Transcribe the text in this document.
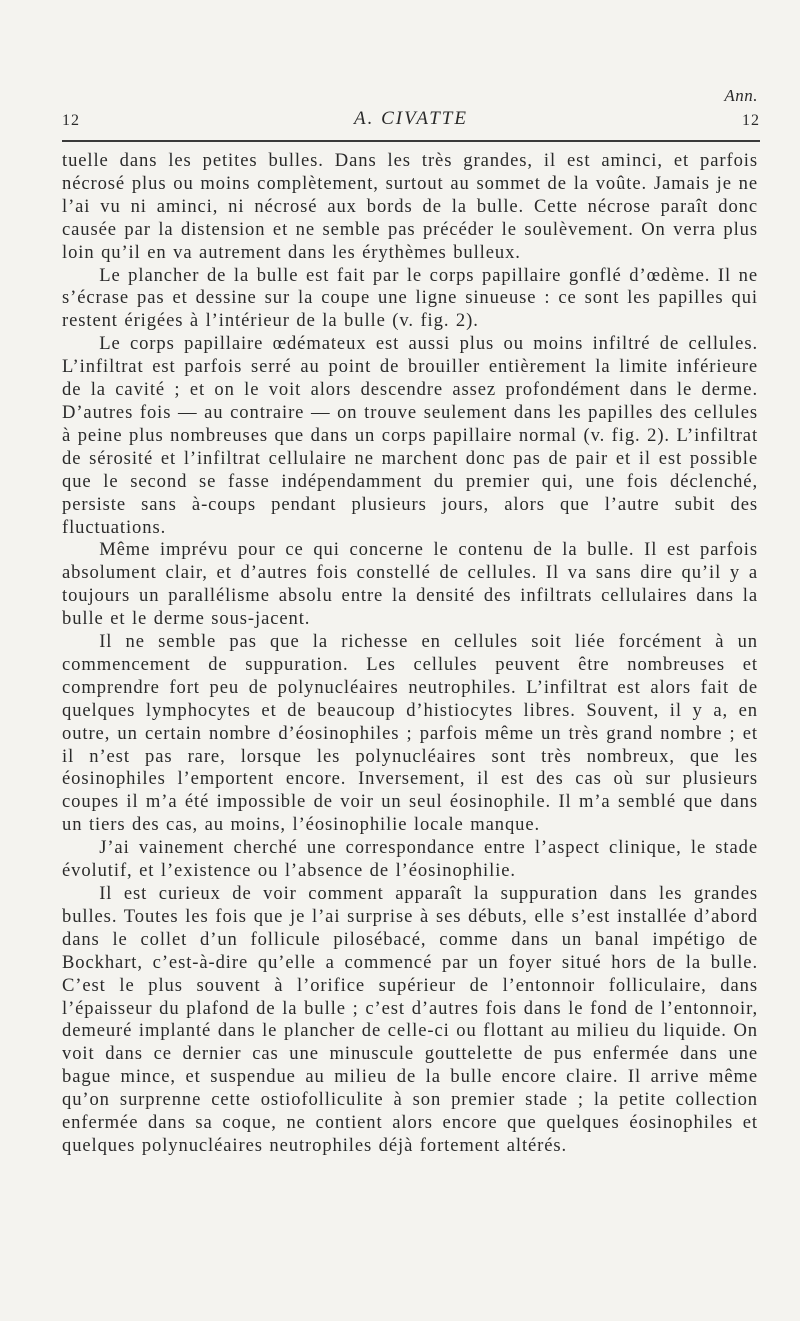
Ann.
12	A. CIVATTE	12

tuelle dans les petites bulles. Dans les très grandes, il est aminci, et parfois nécrosé plus ou moins complètement, surtout au sommet de la voûte. Jamais je ne l’ai vu ni aminci, ni nécrosé aux bords de la bulle. Cette nécrose paraît donc causée par la distension et ne semble pas précéder le soulèvement. On verra plus loin qu’il en va autrement dans les érythèmes bulleux.

Le plancher de la bulle est fait par le corps papillaire gonflé d’œdème. Il ne s’écrase pas et dessine sur la coupe une ligne sinueuse : ce sont les papilles qui restent érigées à l’intérieur de la bulle (v. fig. 2).

Le corps papillaire œdémateux est aussi plus ou moins infiltré de cellules. L’infiltrat est parfois serré au point de brouiller entièrement la limite inférieure de la cavité ; et on le voit alors descendre assez profondément dans le derme. D’autres fois — au contraire — on trouve seulement dans les papilles des cellules à peine plus nombreuses que dans un corps papillaire normal (v. fig. 2). L’infiltrat de sérosité et l’infiltrat cellulaire ne marchent donc pas de pair et il est possible que le second se fasse indépendamment du premier qui, une fois déclenché, persiste sans à-coups pendant plusieurs jours, alors que l’autre subit des fluctuations.

Même imprévu pour ce qui concerne le contenu de la bulle. Il est parfois absolument clair, et d’autres fois constellé de cellules. Il va sans dire qu’il y a toujours un parallélisme absolu entre la densité des infiltrats cellulaires dans la bulle et le derme sous-jacent.

Il ne semble pas que la richesse en cellules soit liée forcément à un commencement de suppuration. Les cellules peuvent être nombreuses et comprendre fort peu de polynucléaires neutrophiles. L’infiltrat est alors fait de quelques lymphocytes et de beaucoup d’histiocytes libres. Souvent, il y a, en outre, un certain nombre d’éosinophiles ; parfois même un très grand nombre ; et il n’est pas rare, lorsque les polynucléaires sont très nombreux, que les éosinophiles l’emportent encore. Inversement, il est des cas où sur plusieurs coupes il m’a été impossible de voir un seul éosinophile. Il m’a semblé que dans un tiers des cas, au moins, l’éosinophilie locale manque.

J’ai vainement cherché une correspondance entre l’aspect clinique, le stade évolutif, et l’existence ou l’absence de l’éosinophilie.

Il est curieux de voir comment apparaît la suppuration dans les grandes bulles. Toutes les fois que je l’ai surprise à ses débuts, elle s’est installée d’abord dans le collet d’un follicule pilosébacé, comme dans un banal impétigo de Bockhart, c’est-à-dire qu’elle a commencé par un foyer situé hors de la bulle. C’est le plus souvent à l’orifice supérieur de l’entonnoir folliculaire, dans l’épaisseur du plafond de la bulle ; c’est d’autres fois dans le fond de l’entonnoir, demeuré implanté dans le plancher de celle-ci ou flottant au milieu du liquide. On voit dans ce dernier cas une minuscule gouttelette de pus enfermée dans une bague mince, et suspendue au milieu de la bulle encore claire. Il arrive même qu’on surprenne cette ostiofolliculite à son premier stade ; la petite collection enfermée dans sa coque, ne contient alors encore que quelques éosinophiles et quelques polynucléaires neutrophiles déjà fortement altérés.
